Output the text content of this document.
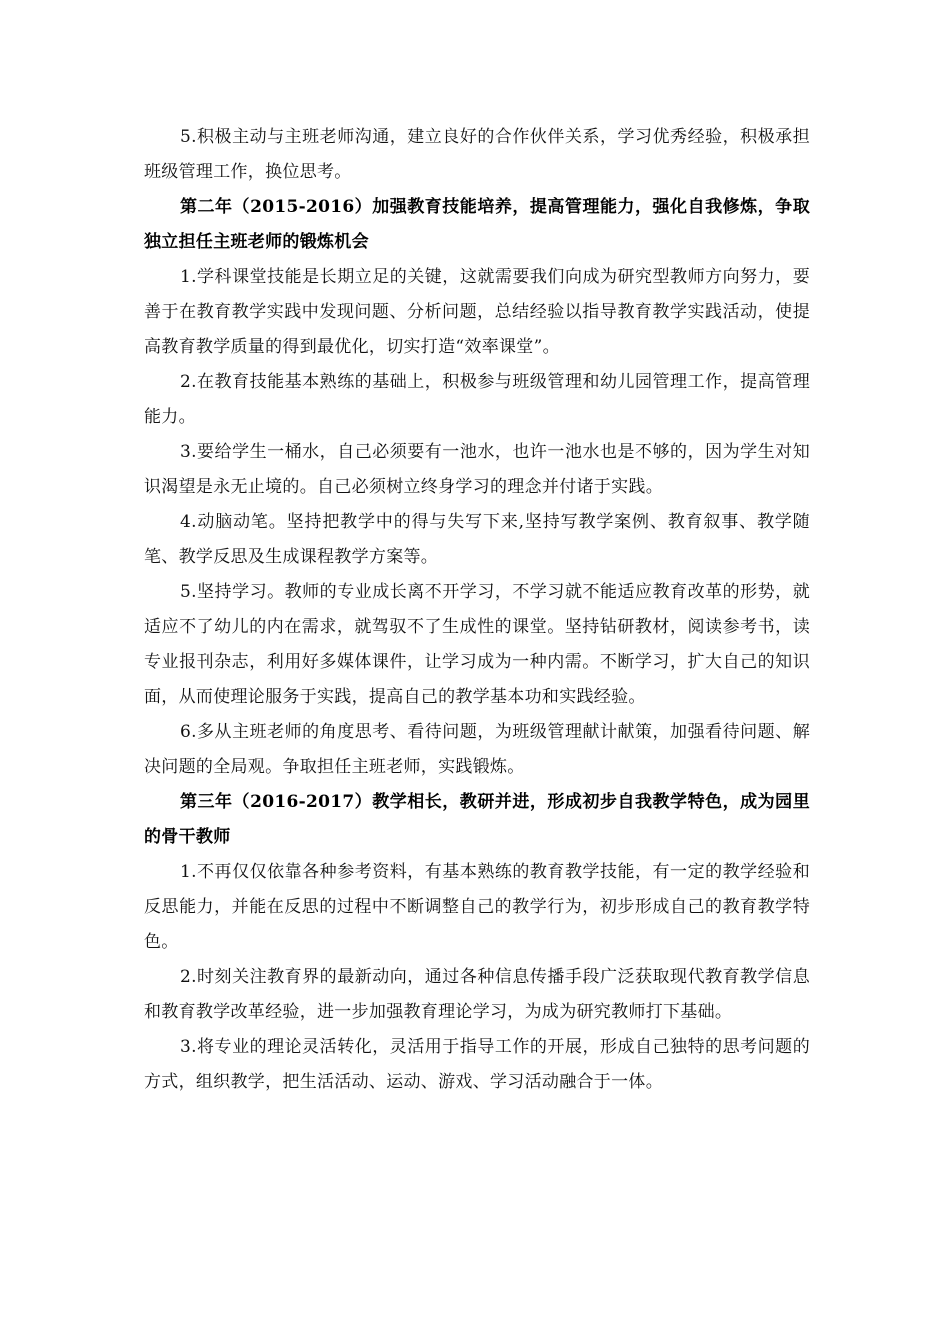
5.积极主动与主班老师沟通，建立良好的合作伙伴关系，学习优秀经验，积极承担班级管理工作，换位思考。

第二年（2015-2016）加强教育技能培养，提高管理能力，强化自我修炼，争取独立担任主班老师的锻炼机会

1.学科课堂技能是长期立足的关键，这就需要我们向成为研究型教师方向努力，要善于在教育教学实践中发现问题、分析问题，总结经验以指导教育教学实践活动，使提高教育教学质量的得到最优化，切实打造“效率课堂”。

2.在教育技能基本熟练的基础上，积极参与班级管理和幼儿园管理工作，提高管理能力。

3.要给学生一桶水，自己必须要有一池水，也许一池水也是不够的，因为学生对知识渴望是永无止境的。自己必须树立终身学习的理念并付诸于实践。

4.动脑动笔。坚持把教学中的得与失写下来,坚持写教学案例、教育叙事、教学随笔、教学反思及生成课程教学方案等。

5.坚持学习。教师的专业成长离不开学习，不学习就不能适应教育改革的形势，就适应不了幼儿的内在需求，就驾驭不了生成性的课堂。坚持钻研教材，阅读参考书，读专业报刊杂志，利用好多媒体课件，让学习成为一种内需。不断学习，扩大自己的知识面，从而使理论服务于实践，提高自己的教学基本功和实践经验。

6.多从主班老师的角度思考、看待问题，为班级管理献计献策，加强看待问题、解决问题的全局观。争取担任主班老师，实践锻炼。

第三年（2016-2017）教学相长，教研并进，形成初步自我教学特色，成为园里的骨干教师

1.不再仅仅依靠各种参考资料，有基本熟练的教育教学技能，有一定的教学经验和反思能力，并能在反思的过程中不断调整自己的教学行为，初步形成自己的教育教学特色。

2.时刻关注教育界的最新动向，通过各种信息传播手段广泛获取现代教育教学信息和教育教学改革经验，进一步加强教育理论学习，为成为研究教师打下基础。

3.将专业的理论灵活转化，灵活用于指导工作的开展，形成自己独特的思考问题的方式，组织教学，把生活活动、运动、游戏、学习活动融合于一体。
